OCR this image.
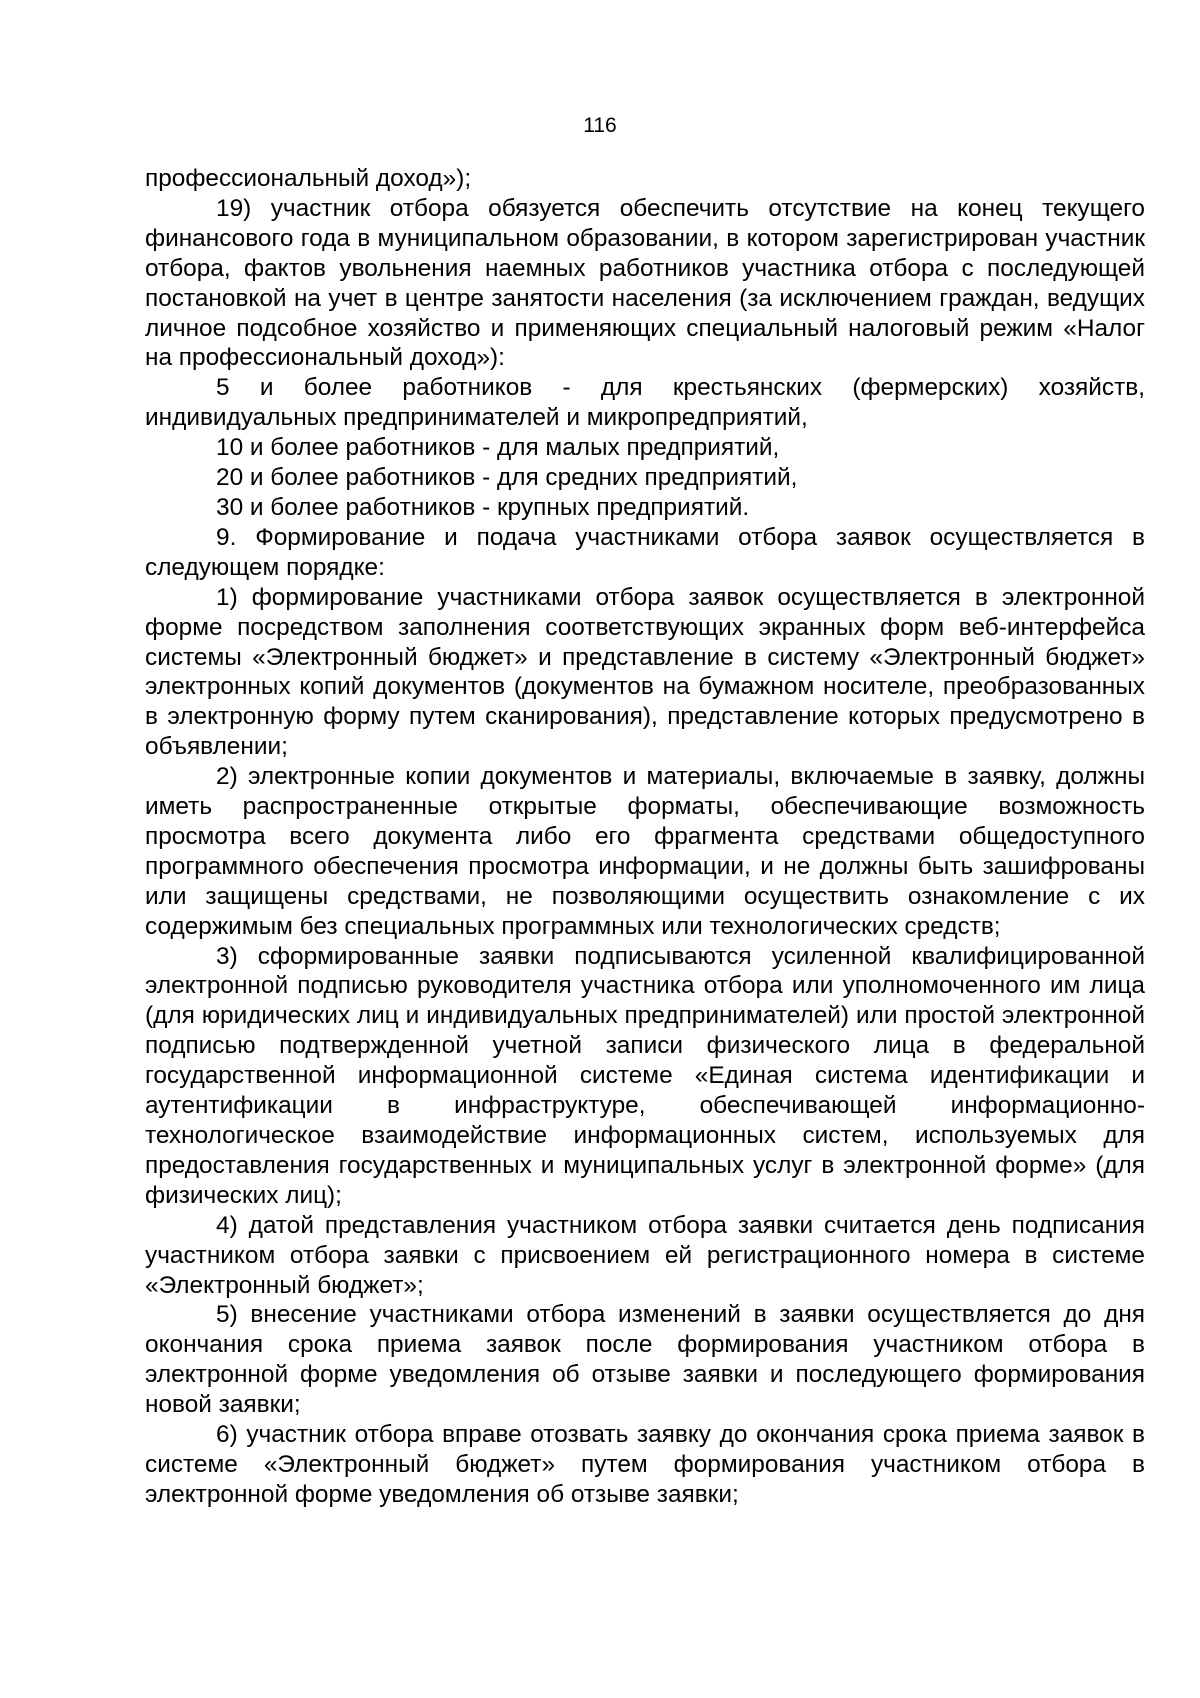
116

профессиональный доход»);

19) участник отбора обязуется обеспечить отсутствие на конец текущего финансового года в муниципальном образовании, в котором зарегистрирован участник отбора, фактов увольнения наемных работников участника отбора с последующей постановкой на учет в центре занятости населения (за исключением граждан, ведущих личное подсобное хозяйство и применяющих специальный налоговый режим «Налог на профессиональный доход»):

5 и более работников - для крестьянских (фермерских) хозяйств, индивидуальных предпринимателей и микропредприятий,

10 и более работников - для малых предприятий,

20 и более работников - для средних предприятий,

30 и более работников - крупных предприятий.

9. Формирование и подача участниками отбора заявок осуществляется в следующем порядке:

1) формирование участниками отбора заявок осуществляется в электронной форме посредством заполнения соответствующих экранных форм веб-интерфейса системы «Электронный бюджет» и представление в систему «Электронный бюджет» электронных копий документов (документов на бумажном носителе, преобразованных в электронную форму путем сканирования), представление которых предусмотрено в объявлении;

2) электронные копии документов и материалы, включаемые в заявку, должны иметь распространенные открытые форматы, обеспечивающие возможность просмотра всего документа либо его фрагмента средствами общедоступного программного обеспечения просмотра информации, и не должны быть зашифрованы или защищены средствами, не позволяющими осуществить ознакомление с их содержимым без специальных программных или технологических средств;

3) сформированные заявки подписываются усиленной квалифицированной электронной подписью руководителя участника отбора или уполномоченного им лица (для юридических лиц и индивидуальных предпринимателей) или простой электронной подписью подтвержденной учетной записи физического лица в федеральной государственной информационной системе «Единая система идентификации и аутентификации в инфраструктуре, обеспечивающей информационно-технологическое взаимодействие информационных систем, используемых для предоставления государственных и муниципальных услуг в электронной форме» (для физических лиц);

4) датой представления участником отбора заявки считается день подписания участником отбора заявки с присвоением ей регистрационного номера в системе «Электронный бюджет»;

5) внесение участниками отбора изменений в заявки осуществляется до дня окончания срока приема заявок после формирования участником отбора в электронной форме уведомления об отзыве заявки и последующего формирования новой заявки;

6) участник отбора вправе отозвать заявку до окончания срока приема заявок в системе «Электронный бюджет» путем формирования участником отбора в электронной форме уведомления об отзыве заявки;
